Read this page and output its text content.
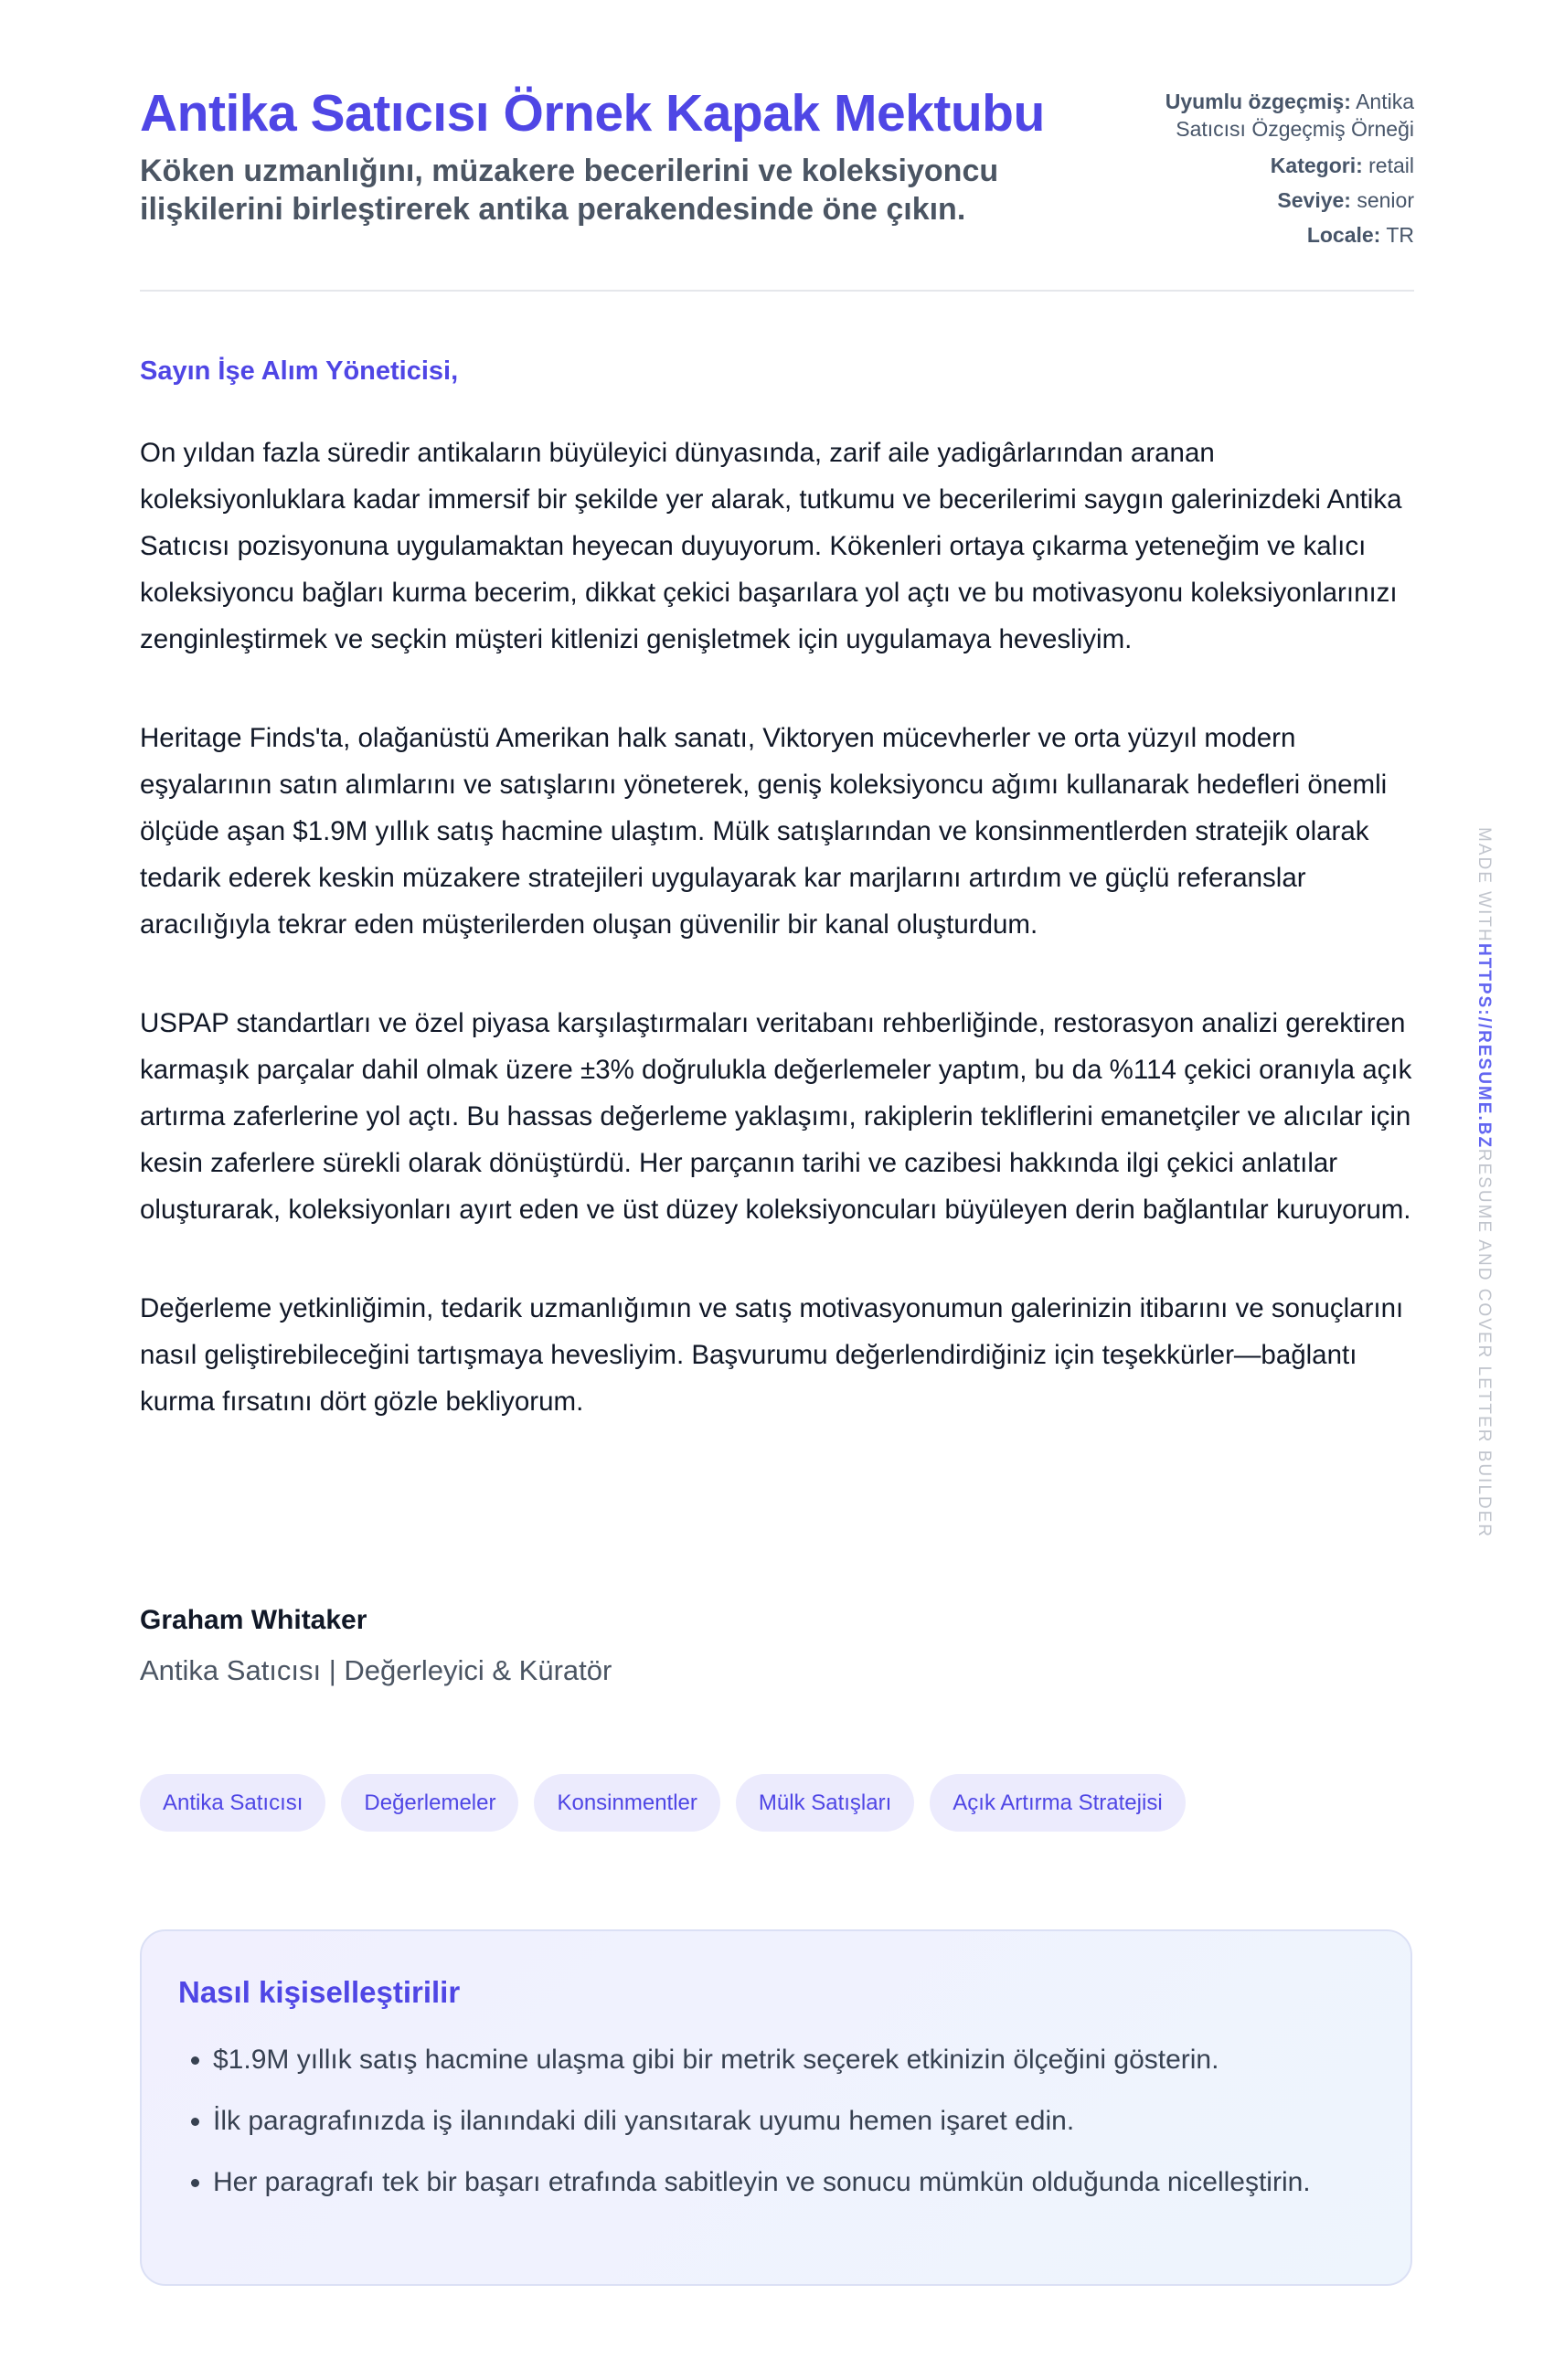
Antika Satıcısı Örnek Kapak Mektubu

Köken uzmanlığını, müzakere becerilerini ve koleksiyoncu ilişkilerini birleştirerek antika perakendesinde öne çıkın.

Uyumlu özgeçmiş: Antika Satıcısı Özgeçmiş Örneği
Kategori: retail
Seviye: senior
Locale: TR
Sayın İşe Alım Yöneticisi,

On yıldan fazla süredir antikaların büyüleyici dünyasında, zarif aile yadigârlarından aranan koleksiyonluklara kadar immersif bir şekilde yer alarak, tutkumu ve becerilerimi saygın galerinizdeki Antika Satıcısı pozisyonuna uygulamaktan heyecan duyuyorum. Kökenleri ortaya çıkarma yeteneğim ve kalıcı koleksiyoncu bağları kurma becerim, dikkat çekici başarılara yol açtı ve bu motivasyonu koleksiyonlarınızı zenginleştirmek ve seçkin müşteri kitlenizi genişletmek için uygulamaya hevesliyim.

Heritage Finds'ta, olağanüstü Amerikan halk sanatı, Viktoryen mücevherler ve orta yüzyıl modern eşyalarının satın alımlarını ve satışlarını yöneterek, geniş koleksiyoncu ağımı kullanarak hedefleri önemli ölçüde aşan $1.9M yıllık satış hacmine ulaştım. Mülk satışlarından ve konsinmentlerden stratejik olarak tedarik ederek keskin müzakere stratejileri uygulayarak kar marjlarını artırdım ve güçlü referanslar aracılığıyla tekrar eden müşterilerden oluşan güvenilir bir kanal oluşturdum.

USPAP standartları ve özel piyasa karşılaştırmaları veritabanı rehberliğinde, restorasyon analizi gerektiren karmaşık parçalar dahil olmak üzere ±3% doğrulukla değerlemeler yaptım, bu da %114 çekici oranıyla açık artırma zaferlerine yol açtı. Bu hassas değerleme yaklaşımı, rakiplerin tekliflerini emanetçiler ve alıcılar için kesin zaferlere sürekli olarak dönüştürdü. Her parçanın tarihi ve cazibesi hakkında ilgi çekici anlatılar oluşturarak, koleksiyonları ayırt eden ve üst düzey koleksiyoncuları büyüleyen derin bağlantılar kuruyorum.

Değerleme yetkinliğimin, tedarik uzmanlığımın ve satış motivasyonumun galerinizin itibarını ve sonuçlarını nasıl geliştirebileceğini tartışmaya hevesliyim. Başvurumu değerlendirdiğiniz için teşekkürler—bağlantı kurma fırsatını dört gözle bekliyorum.

Graham Whitaker
Antika Satıcısı | Değerleyici & Küratör
Antika Satıcısı	Değerlemeler	Konsinmentler	Mülk Satışları	Açık Artırma Stratejisi
Nasıl kişiselleştirilir
• $1.9M yıllık satış hacmine ulaşma gibi bir metrik seçerek etkinizin ölçeğini gösterin.
• İlk paragrafınızda iş ilanındaki dili yansıtarak uyumu hemen işaret edin.
• Her paragrafı tek bir başarı etrafında sabitleyin ve sonucu mümkün olduğunda nicelleştirin.
MADE WITHHTTPS://RESUME.BZRESUME AND COVER LETTER BUILDER
